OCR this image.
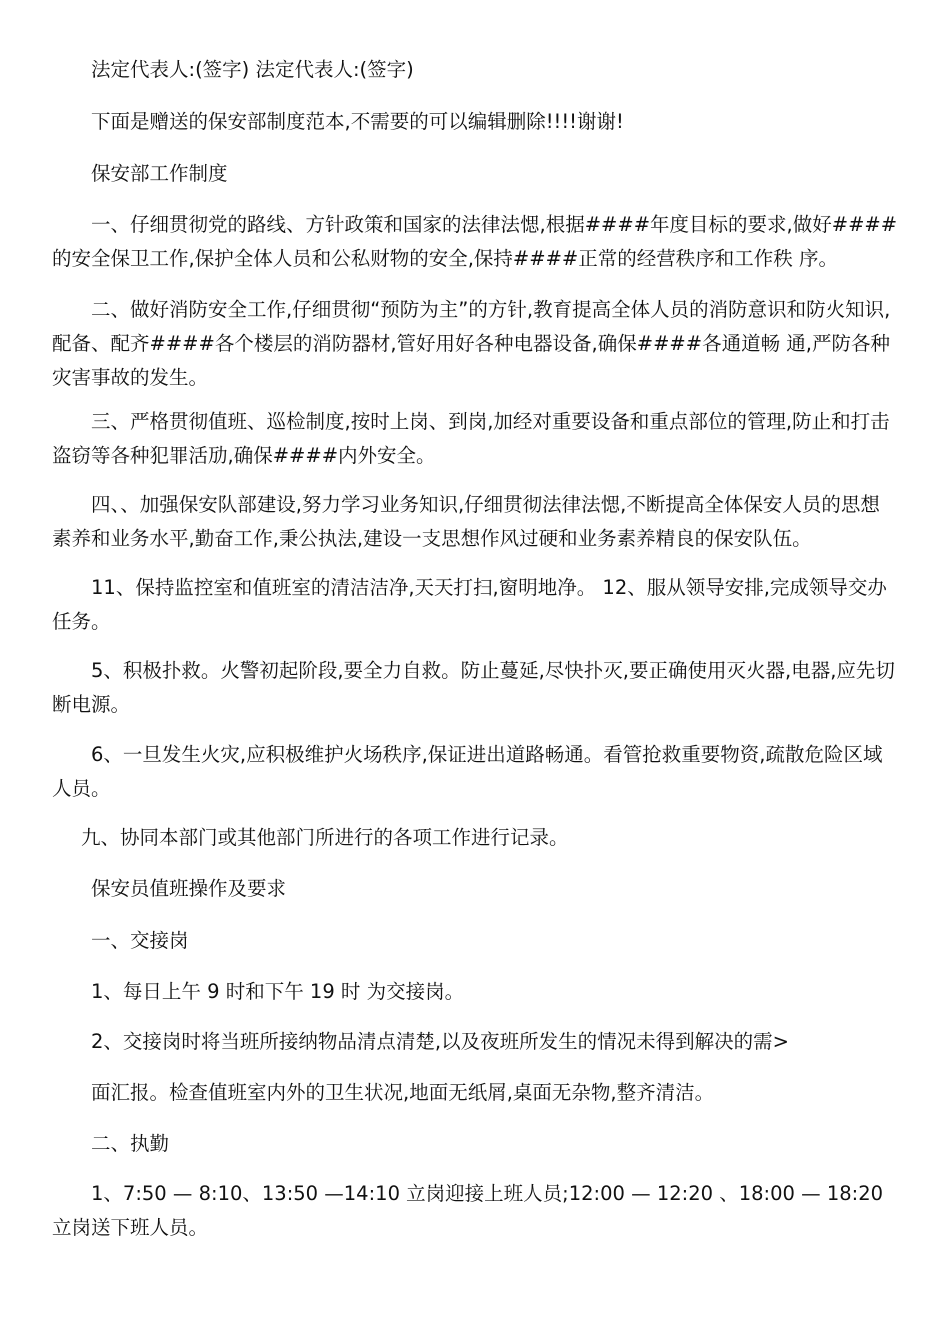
法定代表人:(签字) 法定代表人:(签字)

下面是赠送的保安部制度范本,不需要的可以编辑删除!!!!谢谢!

保安部工作制度

一、仔细贯彻党的路线、方针政策和国家的法律法愢,根据####年度目标的要求,做好####的安全保卫工作,保护全体人员和公私财物的安全,保持####正常的经营秩序和工作秩 序。

二、做好消防安全工作,仔细贯彻“预防为主”的方针,教育提高全体人员的消防意识和防火知识,配备、配齐####各个楼层的消防器材,管好用好各种电器设备,确保####各通道畅 通,严防各种灾害事故的发生。

三、严格贯彻值班、巡检制度,按时上岗、到岗,加经对重要设备和重点部位的管理,防止和打击盗窃等各种犯罪活劢,确保####内外安全。

四、、加强保安队部建设,努力学习业务知识,仔细贯彻法律法愢,不断提高全体保安人员的思想素养和业务水平,勤奋工作,秉公执法,建设一支思想作风过硬和业务素养精良的保安队伍。

11、保持监控室和值班室的清洁洁净,天天打扫,窗明地净。 12、服从领导安排,完成领导交办任务。

5、积极扑救。火警初起阶段,要全力自救。防止蔓延,尽快扑灭,要正确使用灭火器,电器,应先切断电源。

6、一旦发生火灾,应积极维护火场秩序,保证进出道路畅通。看管抢救重要物资,疏散危险区域人员。

九、协同本部门或其他部门所进行的各项工作进行记录。

保安员值班操作及要求

一、交接岗

1、每日上午 9 时和下午 19 时 为交接岗。

2、交接岗时将当班所接纳物品清点清楚,以及夜班所发生的情况未得到解决的需>

面汇报。检查值班室内外的卫生状况,地面无纸屑,桌面无杂物,整齐清洁。

二、执勤

1、7:50 — 8:10、13:50 —14:10 立岗迎接上班人员;12:00 — 12:20 、18:00 — 18:20 立岗送下班人员。
